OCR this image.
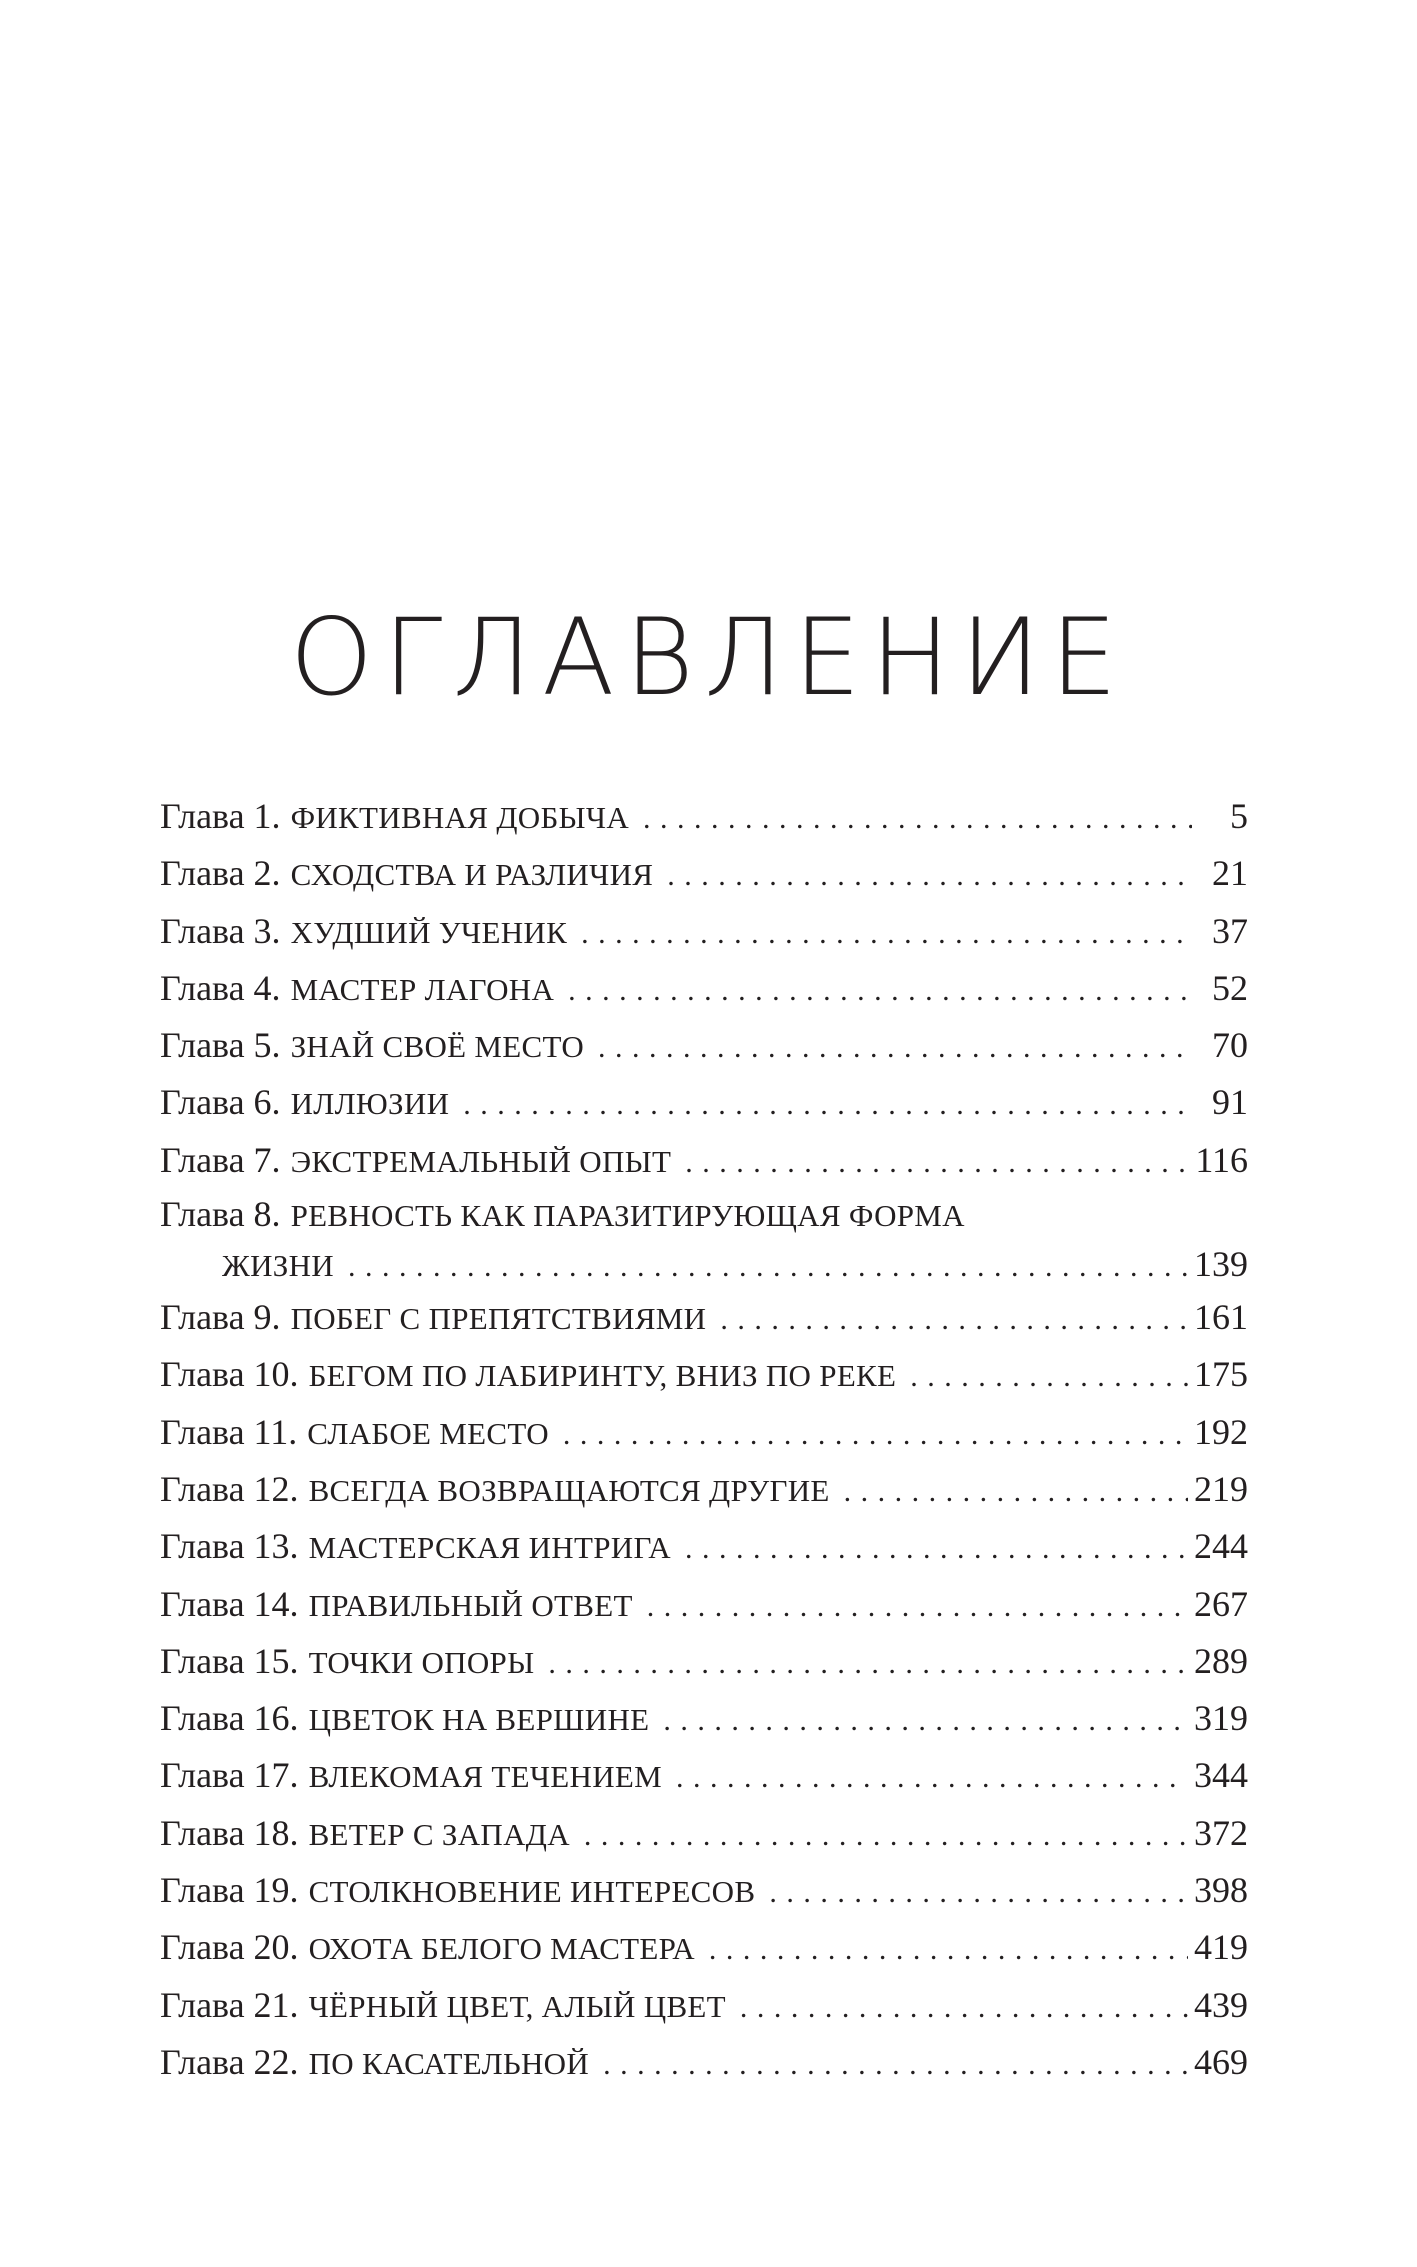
ОГЛАВЛЕНИЕ
Глава 1. ФИКТИВНАЯ ДОБЫЧА . . .	5
Глава 2. СХОДСТВА И РАЗЛИЧИЯ . . .	21
Глава 3. ХУДШИЙ УЧЕНИК . . .	37
Глава 4. МАСТЕР ЛАГОНА . . .	52
Глава 5. ЗНАЙ СВОЁ МЕСТО . . .	70
Глава 6. ИЛЛЮЗИИ . . .	91
Глава 7. ЭКСТРЕМАЛЬНЫЙ ОПЫТ . . .	116
Глава 8. РЕВНОСТЬ КАК ПАРАЗИТИРУЮЩАЯ ФОРМА
ЖИЗНИ . . .	139
Глава 9. ПОБЕГ С ПРЕПЯТСТВИЯМИ . . .	161
Глава 10. БЕГОМ ПО ЛАБИРИНТУ, ВНИЗ ПО РЕКЕ . . .	175
Глава 11. СЛАБОЕ МЕСТО . . .	192
Глава 12. ВСЕГДА ВОЗВРАЩАЮТСЯ ДРУГИЕ . . .	219
Глава 13. МАСТЕРСКАЯ ИНТРИГА . . .	244
Глава 14. ПРАВИЛЬНЫЙ ОТВЕТ . . .	267
Глава 15. ТОЧКИ ОПОРЫ . . .	289
Глава 16. ЦВЕТОК НА ВЕРШИНЕ . . .	319
Глава 17. ВЛЕКОМАЯ ТЕЧЕНИЕМ . . .	344
Глава 18. ВЕТЕР С ЗАПАДА . . .	372
Глава 19. СТОЛКНОВЕНИЕ ИНТЕРЕСОВ . . .	398
Глава 20. ОХОТА БЕЛОГО МАСТЕРА . . .	419
Глава 21. ЧЁРНЫЙ ЦВЕТ, АЛЫЙ ЦВЕТ . . .	439
Глава 22. ПО КАСАТЕЛЬНОЙ . . .	469
